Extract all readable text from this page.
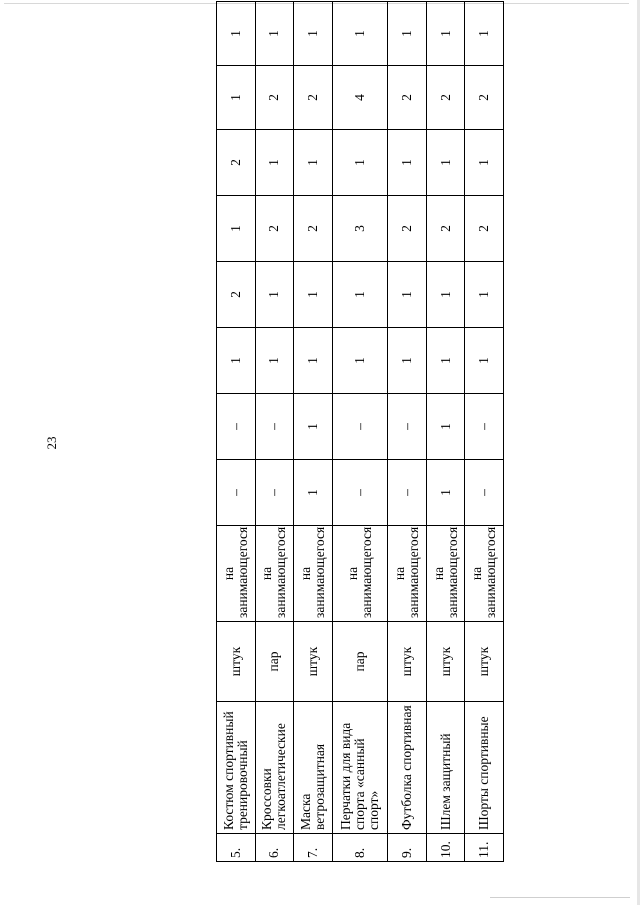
23
5.	Костюм спортивный тренировочный	штук	на занимающегося	–	–	1	2	1	2	1	1
6.	Кроссовки легкоатлетические	пар	на занимающегося	–	–	1	1	2	1	2	1
7.	Маска ветрозащитная	штук	на занимающегося	1	1	1	1	2	1	2	1
8.	Перчатки для вида спорта «санный спорт»	пар	на занимающегося	–	–	1	1	3	1	4	1
9.	Футболка спортивная	штук	на занимающегося	–	–	1	1	2	1	2	1
10.	Шлем защитный	штук	на занимающегося	1	1	1	1	2	1	2	1
11.	Шорты спортивные	штук	на занимающегося	–	–	1	1	2	1	2	1
